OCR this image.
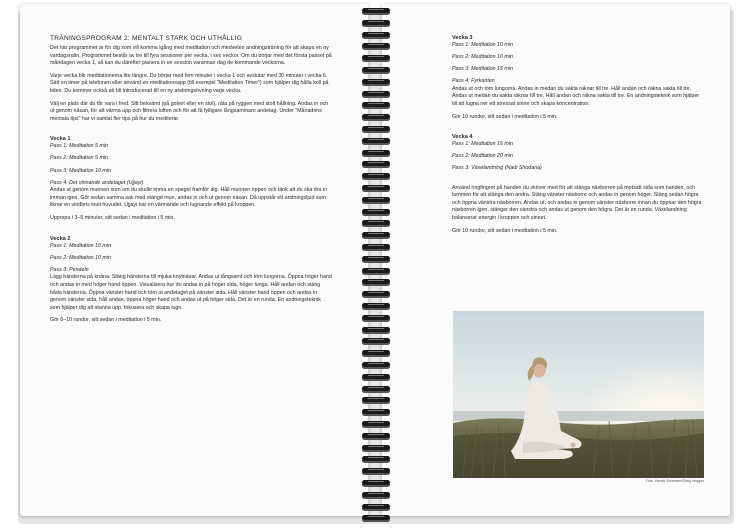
TRÄNINGSPROGRAM 2: MENTALT STARK OCH UTHÅLLIG

Det här programmet är för dig som vill komma igång med meditation och medveten andningsträning för att skapa en ny vardagsrutin. Programmet består av tre till fyra sessioner per vecka, i sex veckor. Om du börjar med det första passet på måndagen vecka 1, så kan du därefter planera in en session varannan dag de kommande veckorna.

Varje vecka blir meditationerna lite längre. Du börjar med fem minuter i vecka 1 och avslutar med 30 minuter i vecka 6. Sätt en timer på telefonen eller använd en meditationsapp (till exempel "Meditation Timer") som hjälper dig hålla koll på tiden. Du kommer också att bli introducerad till en ny andningsövning varje vecka.

Välj en plats där du får vara i fred. Sitt bekvämt (på golvet eller en stol), räta på ryggen med stolt hållning. Andas in och ut genom näsan, för att värma upp och filtrera luften och för att få fylligare långsammare andetag. Under "Månadens mentala tips" har vi samlat fler tips på hur du mediterar.

Vecka 1
Pass 1: Meditation 5 min
Pass 2: Meditation 5 min
Pass 3: Meditation 10 min
Pass 4: Det vinnande andetaget (Ujjayi)

Andas ut genom munnen som om du skulle imma en spegel framför dig. Håll munnen öppen och tänk att du ska dra in imman igen. Gör sedan samma sak med stängd mun, andas in och ut genom näsan. Då uppstår ett andningsljud som liknar en vindbris inuti huvudet. Ujjayi har en värmande och lugnande effekt på kroppen.

Upprepa i 3–5 minuter, sitt sedan i meditation i 5 min.

Vecka 2
Pass 1: Meditation 10 min
Pass 2: Meditation 10 min
Pass 3: Pendeln

Lägg händerna på knäna. Stäng händerna till mjuka knytnävar. Andas ut långsamt och töm lungorna. Öppna höger hand och andas in med höger hand öppen. Visualisera hur du andas in på höger sida, höger lunga. Håll andan och stäng båda händerna. Öppna vänster hand och töm ut andetaget på vänster sida. Håll vänster hand öppen och andas in genom vänster sida, håll andan, öppna höger hand och andas ut på höger sida. Det är en runda. En andningsteknik som hjälper dig att stanna upp, fokusera och skapa lugn.

Gör 6–10 rundor, sitt sedan i meditation i 5 min.

Vecka 3
Pass 1: Meditation 10 min
Pass 2: Meditation 10 min
Pass 3: Meditation 15 min
Pass 4: Fyrkanten

Andas ut och töm lungorna. Andas in medan du sakta räknar till tre. Håll andan och räkna sakta till tre. Andas ut medan du sakta räknar till tre. Håll andan och räkna sakta till tre. En andningsteknik som hjälper till att lugna ner ett stressat sinne och skapa koncentration.

Gör 10 rundor, sitt sedan i meditation i 5 min.

Vecka 4
Pass 1: Meditation 15 min
Pass 2: Meditation 20 min
Pass 3: Växelandning (Nadi Shodana)

Använd ringfingret på handen du skriver med för att stänga näsborren på motsatt sida som handen, och tummen för att stänga den andra. Stäng vänster näsborre och andas in genom höger. Stäng sedan högra och öppna vänstra näsborren. Andas ut, och andas in genom vänster näsborre innan du öppnar den högra näsborren igen, stänger den vänstra och andas ut genom den högra. Det är en runda. Växelandning balanserar energin i kroppen och sinnet.

Gör 10 rundor, sitt sedan i meditation i 5 min.

Foto: Henrik Sorensen/Getty Images
